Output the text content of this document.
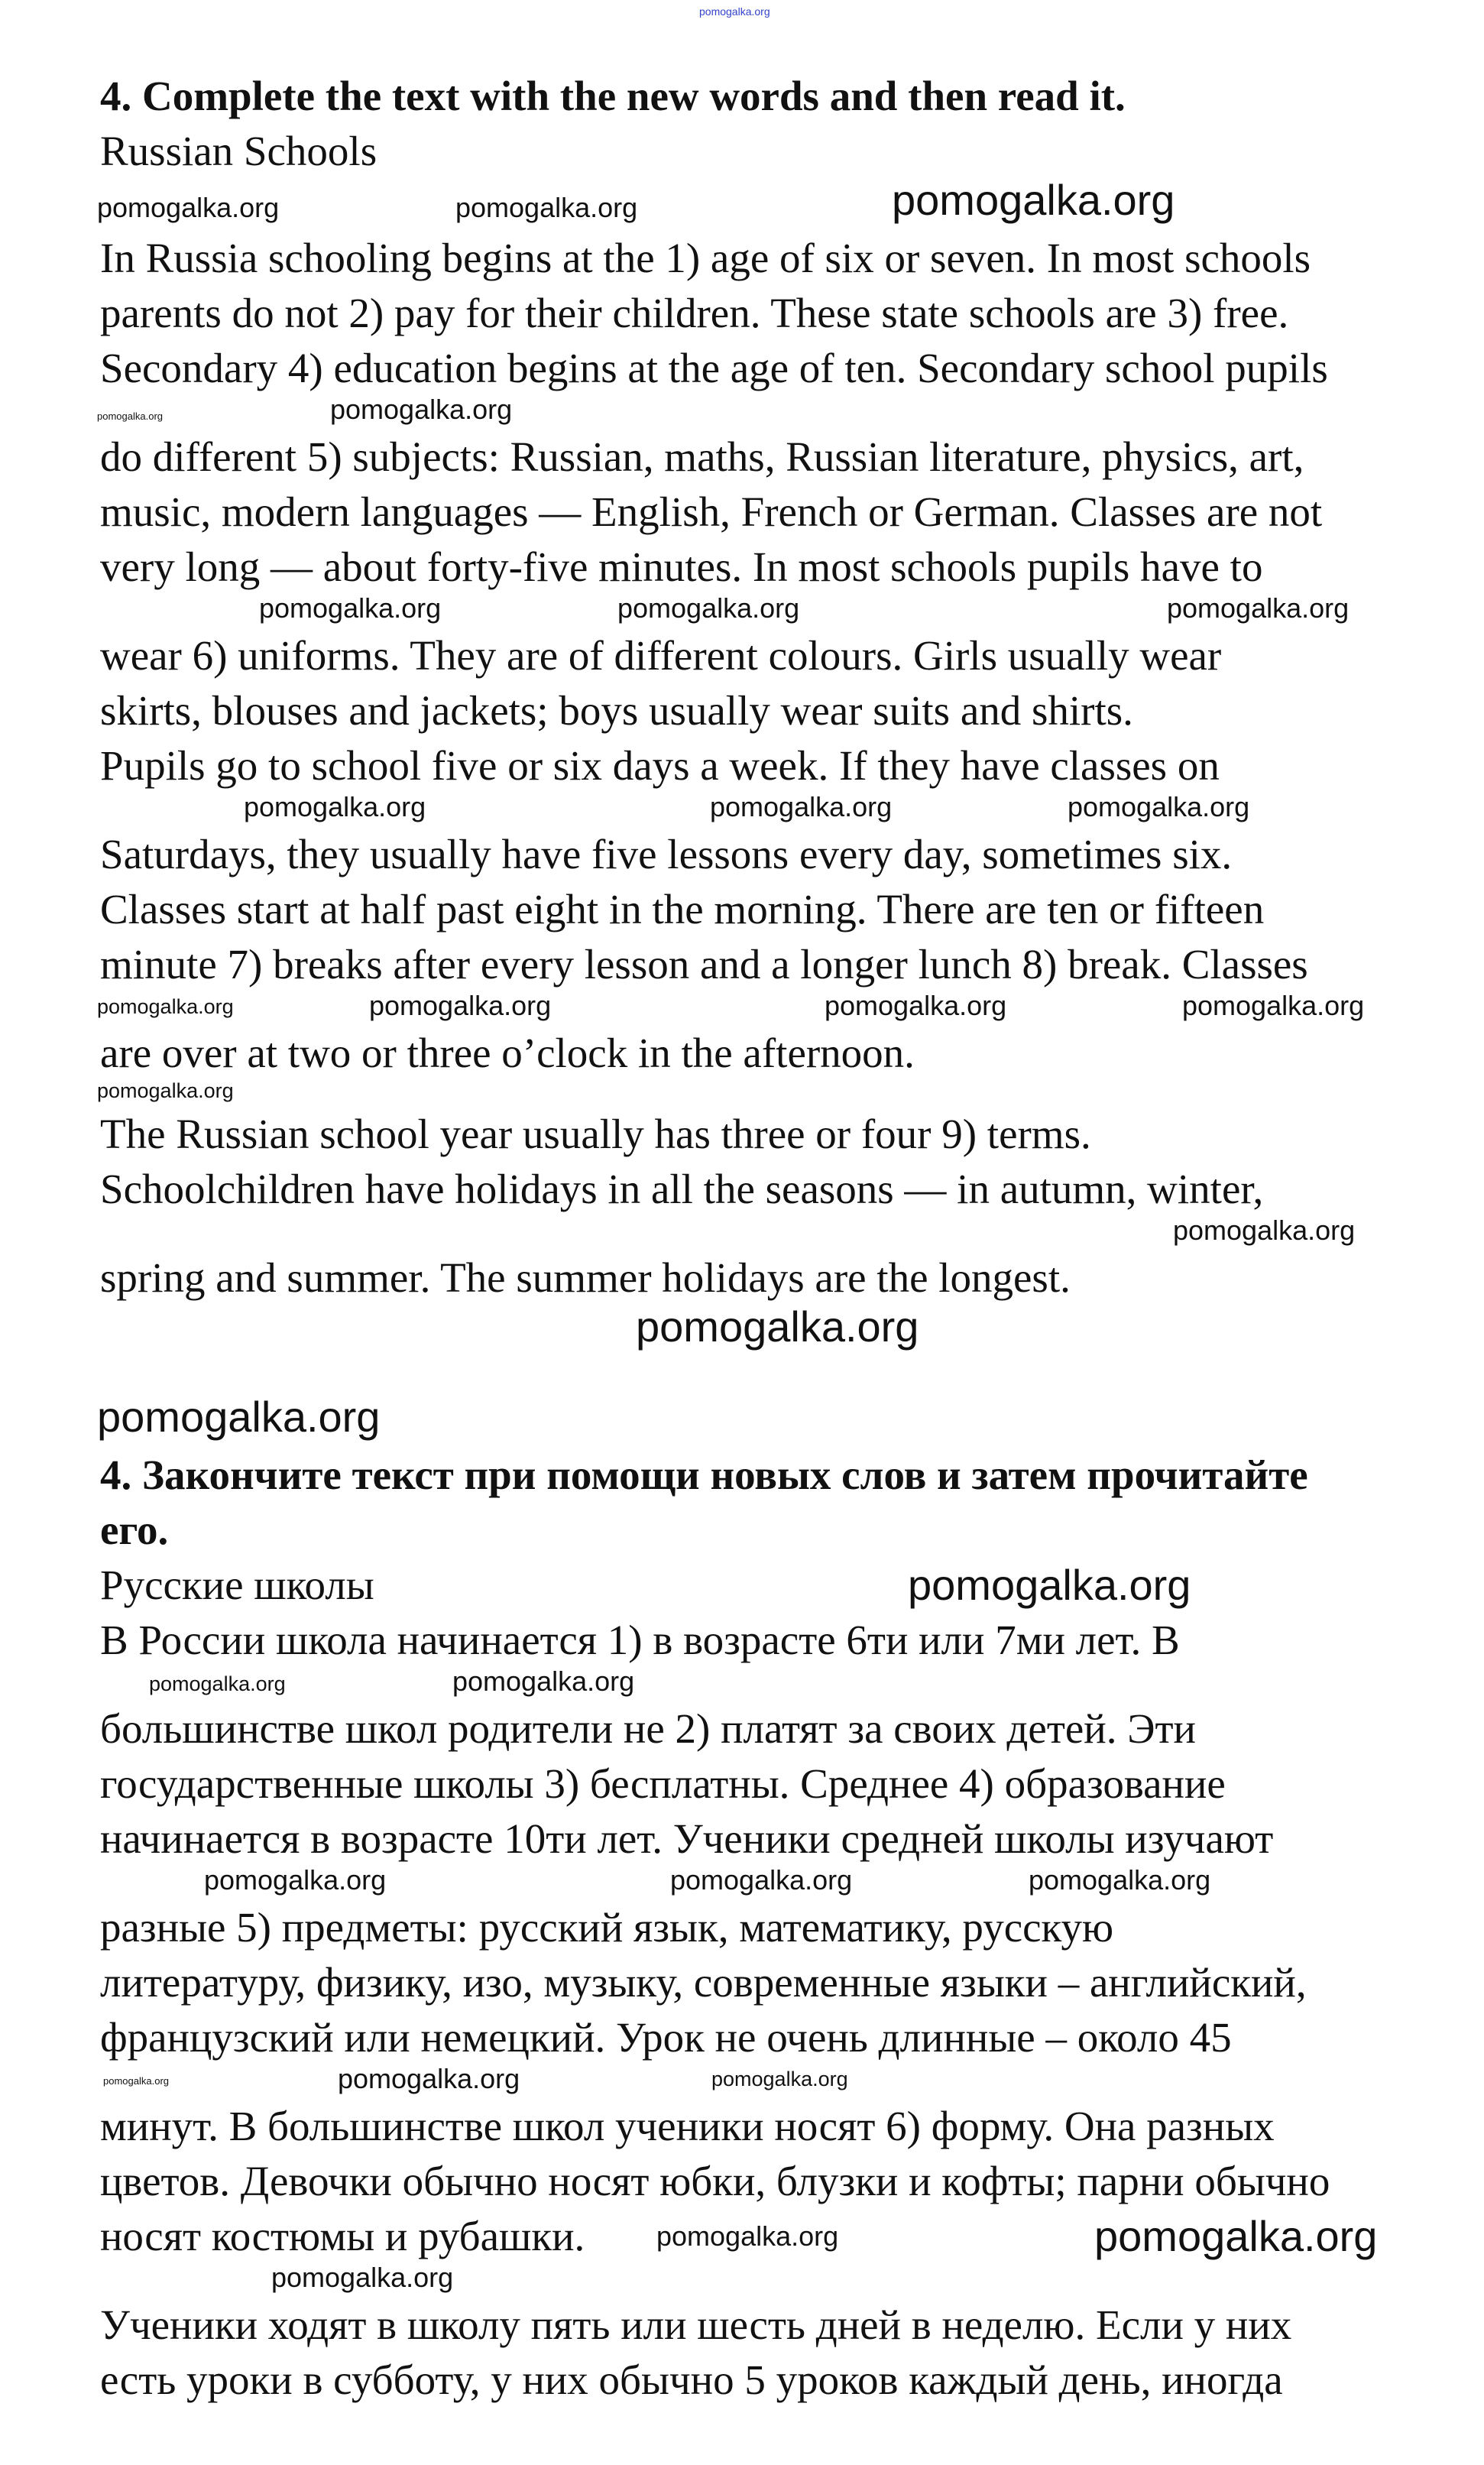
pomogalka.org
4. Complete the text with the new words and then read it.
Russian Schools
pomogalka.org	pomogalka.org	pomogalka.org
In Russia schooling begins at the 1) age of six or seven. In most schools
parents do not 2) pay for their children. These state schools are 3) free.
Secondary 4) education begins at the age of ten. Secondary school pupils
pomogalka.org	pomogalka.org
do different 5) subjects: Russian, maths, Russian literature, physics, art,
music, modern languages — English, French or German. Classes are not
very long — about forty-five minutes. In most schools pupils have to
pomogalka.org	pomogalka.org	pomogalka.org
wear 6) uniforms. They are of different colours. Girls usually wear
skirts, blouses and jackets; boys usually wear suits and shirts.
Pupils go to school five or six days a week. If they have classes on
pomogalka.org	pomogalka.org	pomogalka.org
Saturdays, they usually have five lessons every day, sometimes six.
Classes start at half past eight in the morning. There are ten or fifteen
minute 7) breaks after every lesson and a longer lunch 8) break. Classes
pomogalka.org	pomogalka.org	pomogalka.org	pomogalka.org
are over at two or three o’clock in the afternoon.
pomogalka.org
The Russian school year usually has three or four 9) terms.
Schoolchildren have holidays in all the seasons — in autumn, winter,
pomogalka.org
spring and summer. The summer holidays are the longest.
pomogalka.org
pomogalka.org
4. Закончите текст при помощи новых слов и затем прочитайте
его.
Русские школы	pomogalka.org
В России школа начинается 1) в возрасте 6ти или 7ми лет. В
pomogalka.org	pomogalka.org
большинстве школ родители не 2) платят за своих детей. Эти
государственные школы 3) бесплатны. Среднее 4) образование
начинается в возрасте 10ти лет. Ученики средней школы изучают
pomogalka.org	pomogalka.org	pomogalka.org
разные 5) предметы: русский язык, математику, русскую
литературу, физику, изо, музыку, современные языки – английский,
французский или немецкий. Урок не очень длинные – около 45
pomogalka.org	pomogalka.org	pomogalka.org
минут. В большинстве школ ученики носят 6) форму. Она разных
цветов. Девочки обычно носят юбки, блузки и кофты; парни обычно
носят костюмы и рубашки.	pomogalka.org	pomogalka.org
pomogalka.org
Ученики ходят в школу пять или шесть дней в неделю. Если у них
есть уроки в субботу, у них обычно 5 уроков каждый день, иногда
